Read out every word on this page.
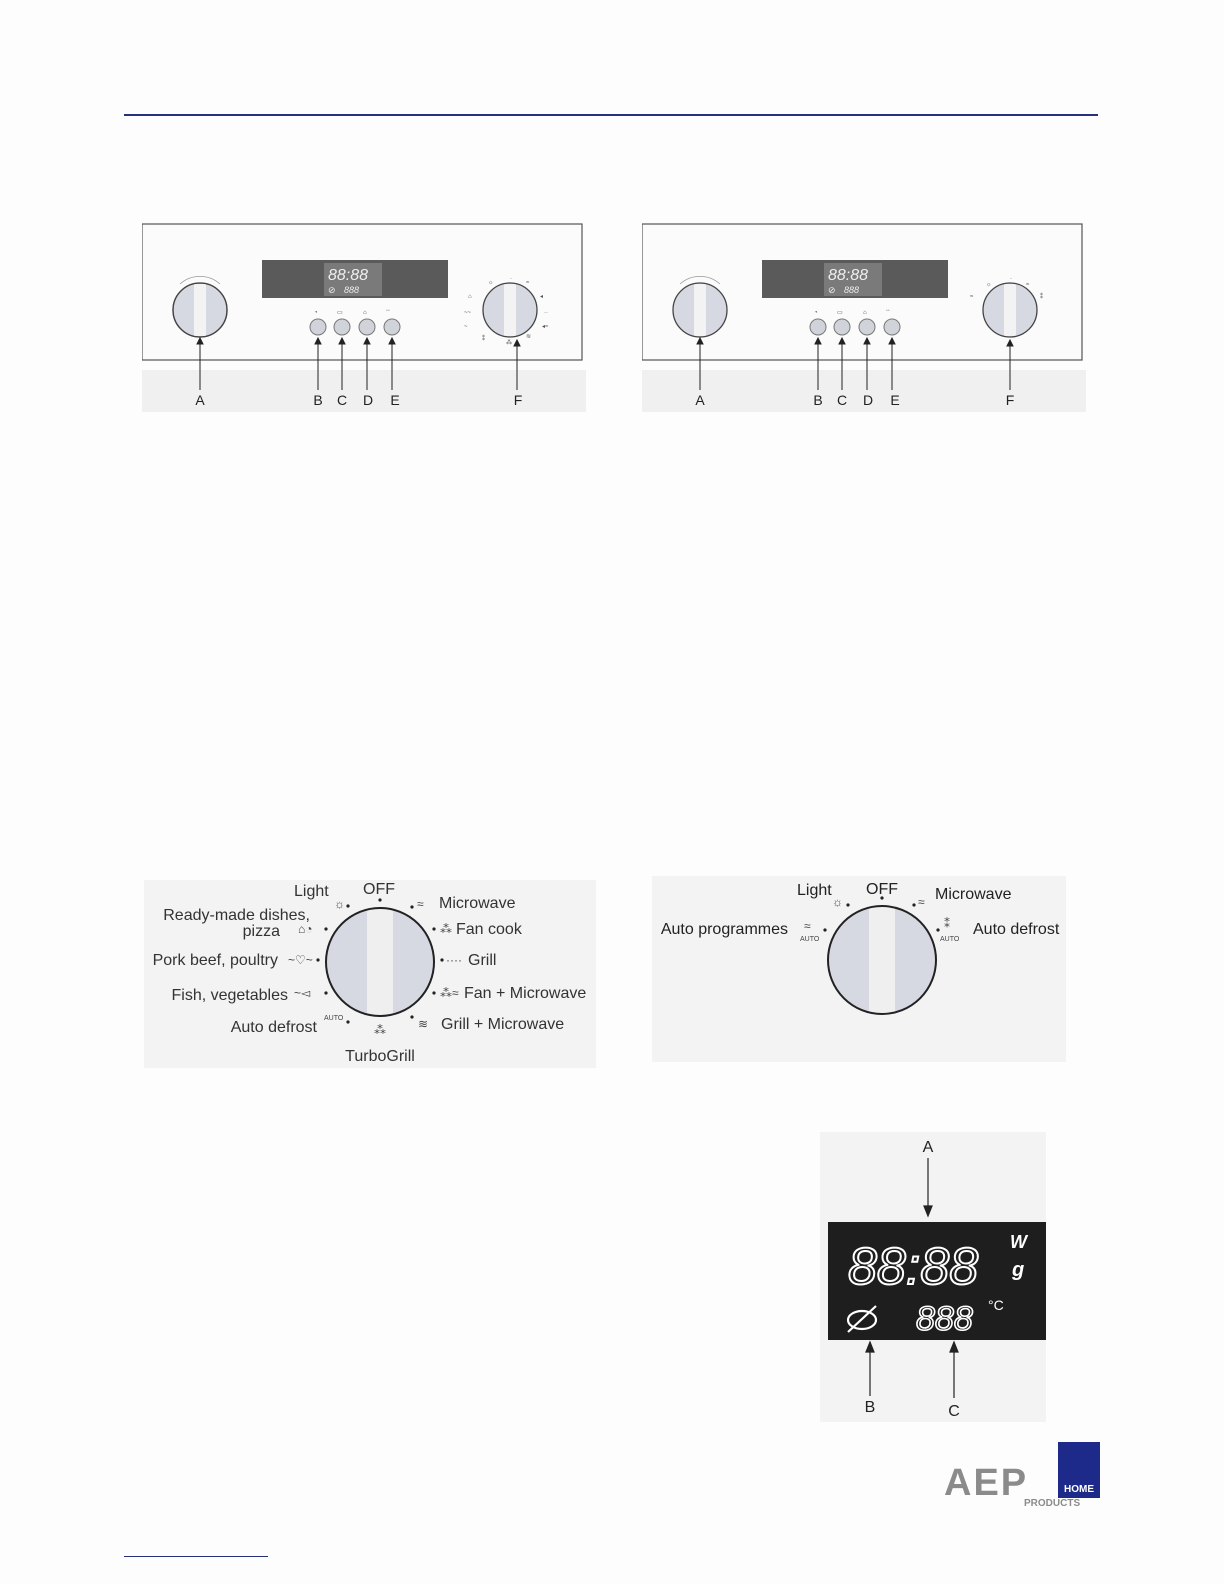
88:88
888
⊘
◔	▭	⌂	▫▫
☼
·
≈
⌂	◂
~~	··
~	◂≈
⁑
⁂
≋
A	B C D E	F
88:88
888
⊘
◔	▭	⌂	▫▫
☼
·
≈
≈	⁑
A	B C D E	F
☼	≈
⌂◔	⁂
~♡~	····
~◅	⁂≈
≋
⁂
AUTO
Light OFF
Microwave
Ready-made dishes,
pizza	Fan cook
Pork beef, poultry	Grill
Fish, vegetables	Fan + Microwave
Auto defrost	Grill + Microwave
TurboGrill
☼	≈
≈	⁑
AUTO	AUTO
Light OFF Microwave
Auto programmes	Auto defrost
88:88 W
g
888 °C
A
B	C
AEP	HOME
PRODUCTS
